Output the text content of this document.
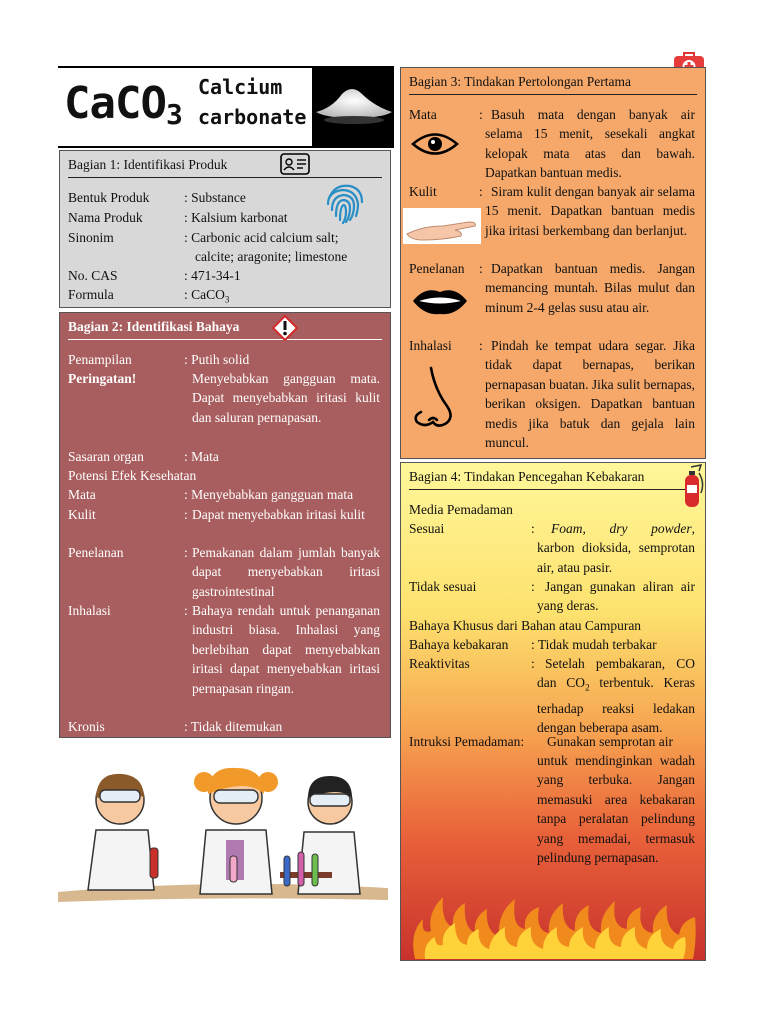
CaCO$_3$
Calcium
carbonate
Bagian 1: Identifikasi Produk
Bentuk Produk	: Substance
Nama Produk	: Kalsium karbonat
Sinonim	: Carbonic acid calcium salt;
calcite; aragonite; limestone
No. CAS	: 471-34-1
Formula	: CaCO$_3$
Bagian 2: Identifikasi Bahaya
Penampilan	: Putih solid
Peringatan!	Menyebabkan gangguan mata. Dapat menyebabkan iritasi kulit dan saluran pernapasan.
Sasaran organ	: Mata
Potensi Efek Kesehatan
Mata	: Menyebabkan gangguan mata
Kulit	: Dapat menyebabkan iritasi kulit
Penelanan	: Pemakanan dalam jumlah banyak dapat menyebabkan iritasi gastrointestinal
Inhalasi	: Bahaya rendah untuk penanganan industri biasa. Inhalasi yang berlebihan dapat menyebabkan iritasi dapat menyebabkan iritasi pernapasan ringan.
Kronis	: Tidak ditemukan
Bagian 3: Tindakan Pertolongan Pertama
Mata	: Basuh mata dengan banyak air selama 15 menit, sesekali angkat kelopak mata atas dan bawah. Dapatkan bantuan medis.
Kulit	: Siram kulit dengan banyak air selama 15 menit. Dapatkan bantuan medis jika iritasi berkembang dan berlanjut.
Penelanan : Dapatkan bantuan medis. Jangan memancing muntah. Bilas mulut dan minum 2-4 gelas susu atau air.
Inhalasi : Pindah ke tempat udara segar. Jika tidak dapat bernapas, berikan pernapasan buatan. Jika sulit bernapas, berikan oksigen. Dapatkan bantuan medis jika batuk dan gejala lain muncul.
Bagian 4: Tindakan Pencegahan Kebakaran
Media Pemadaman
Sesuai	:	Foam, dry powder, karbon dioksida, semprotan air, atau pasir.
Tidak sesuai	: Jangan gunakan aliran air yang deras.
Bahaya Khusus dari Bahan atau Campuran
Bahaya kebakaran : Tidak mudah terbakar
Reaktivitas	: Setelah pembakaran, CO dan $CO_2$ terbentuk. Keras terhadap reaksi ledakan dengan beberapa asam.
Intruksi Pemadaman: Gunakan semprotan air
untuk mendinginkan wadah yang terbuka. Jangan memasuki area kebakaran tanpa peralatan pelindung yang memadai, termasuk pelindung pernapasan.
